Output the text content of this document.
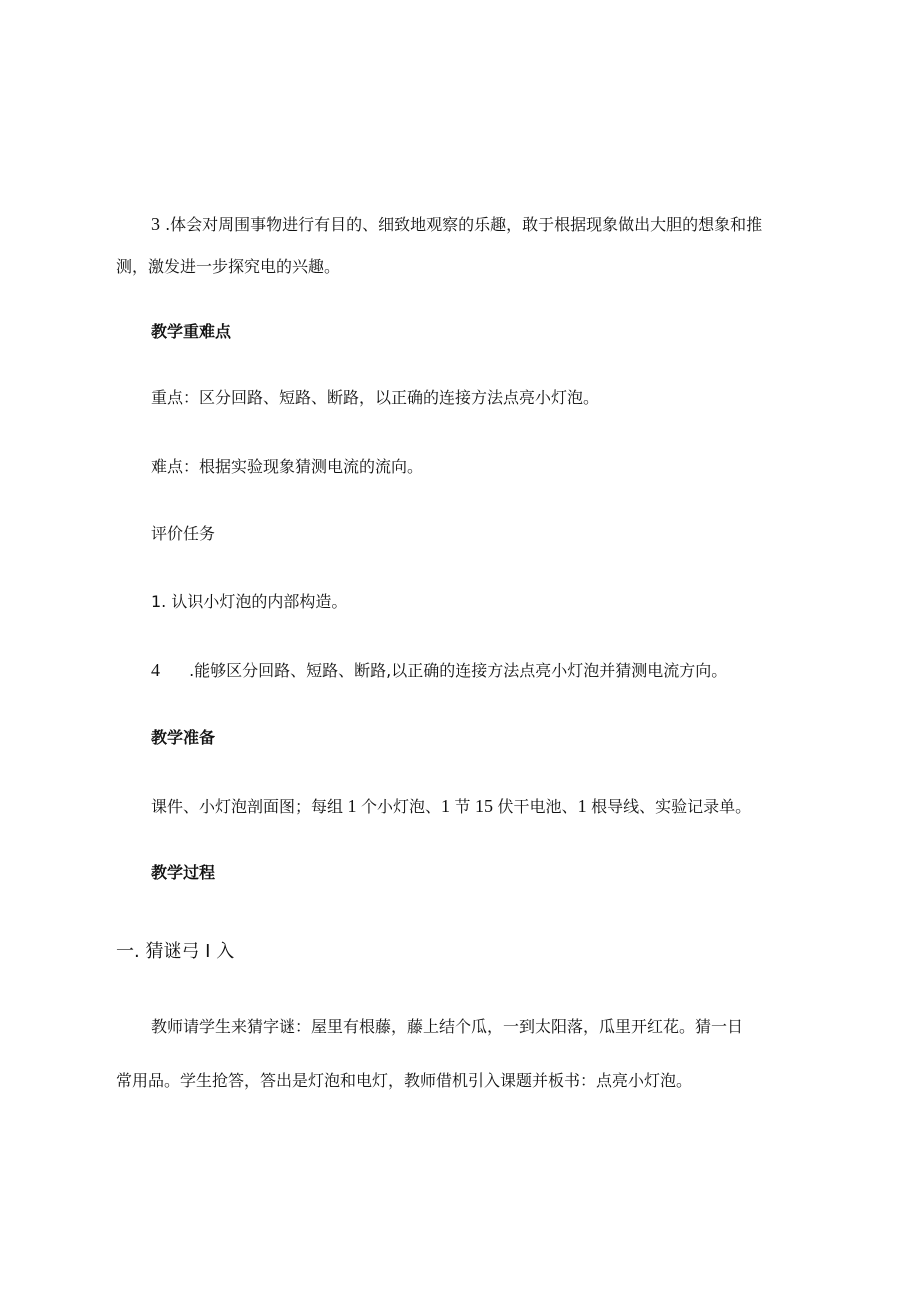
3 .体会对周围事物进行有目的、细致地观察的乐趣，敢于根据现象做出大胆的想象和推
测，激发进一步探究电的兴趣。
教学重难点
重点：区分回路、短路、断路，以正确的连接方法点亮小灯泡。
难点：根据实验现象猜测电流的流向。
评价任务
1. 认识小灯泡的内部构造。
4 .能够区分回路、短路、断路,以正确的连接方法点亮小灯泡并猜测电流方向。
教学准备
课件、小灯泡剖面图；每组 1 个小灯泡、1 节 15 伏干电池、1 根导线、实验记录单。
教学过程
一. 猜谜弓 I 入
教师请学生来猜字谜：屋里有根藤，藤上结个瓜，一到太阳落，瓜里开红花。猜一日
常用品。学生抢答，答出是灯泡和电灯，教师借机引入课题并板书：点亮小灯泡。
